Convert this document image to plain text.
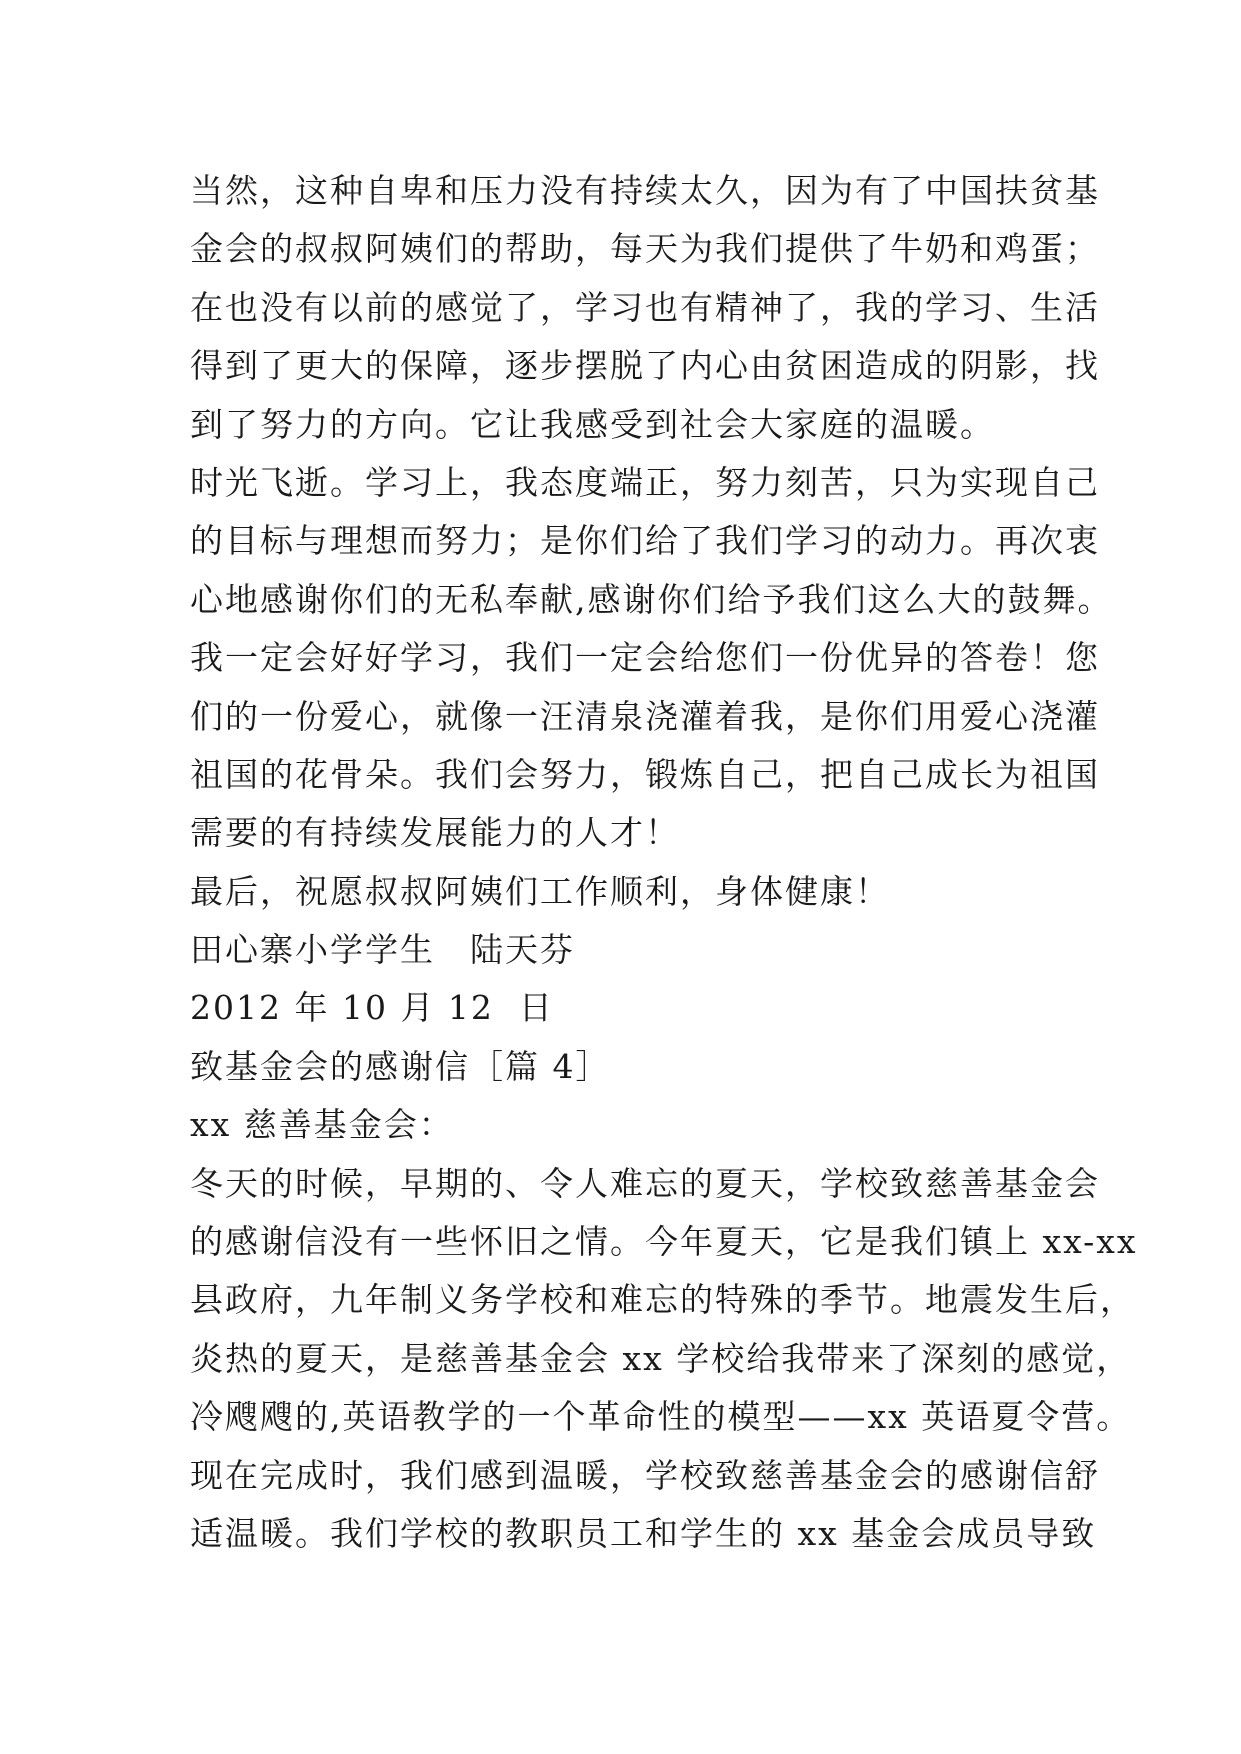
当然，这种自卑和压力没有持续太久，因为有了中国扶贫基
金会的叔叔阿姨们的帮助，每天为我们提供了牛奶和鸡蛋；
在也没有以前的感觉了，学习也有精神了，我的学习、生活
得到了更大的保障，逐步摆脱了内心由贫困造成的阴影，找
到了努力的方向。它让我感受到社会大家庭的温暖。
时光飞逝。学习上，我态度端正，努力刻苦，只为实现自己
的目标与理想而努力；是你们给了我们学习的动力。再次衷
心地感谢你们的无私奉献,感谢你们给予我们这么大的鼓舞。
我一定会好好学习，我们一定会给您们一份优异的答卷！您
们的一份爱心，就像一汪清泉浇灌着我，是你们用爱心浇灌
祖国的花骨朵。我们会努力，锻炼自己，把自己成长为祖国
需要的有持续发展能力的人才！
最后，祝愿叔叔阿姨们工作顺利，身体健康！
田心寨小学学生　陆天芬
2012 年 10 月 12  日
致基金会的感谢信［篇 4］
xx 慈善基金会：
冬天的时候，早期的、令人难忘的夏天，学校致慈善基金会
的感谢信没有一些怀旧之情。今年夏天，它是我们镇上 xx-xx
县政府，九年制义务学校和难忘的特殊的季节。地震发生后，
炎热的夏天，是慈善基金会 xx 学校给我带来了深刻的感觉，
冷飕飕的,英语教学的一个革命性的模型——xx 英语夏令营。
现在完成时，我们感到温暖，学校致慈善基金会的感谢信舒
适温暖。我们学校的教职员工和学生的 xx 基金会成员导致
